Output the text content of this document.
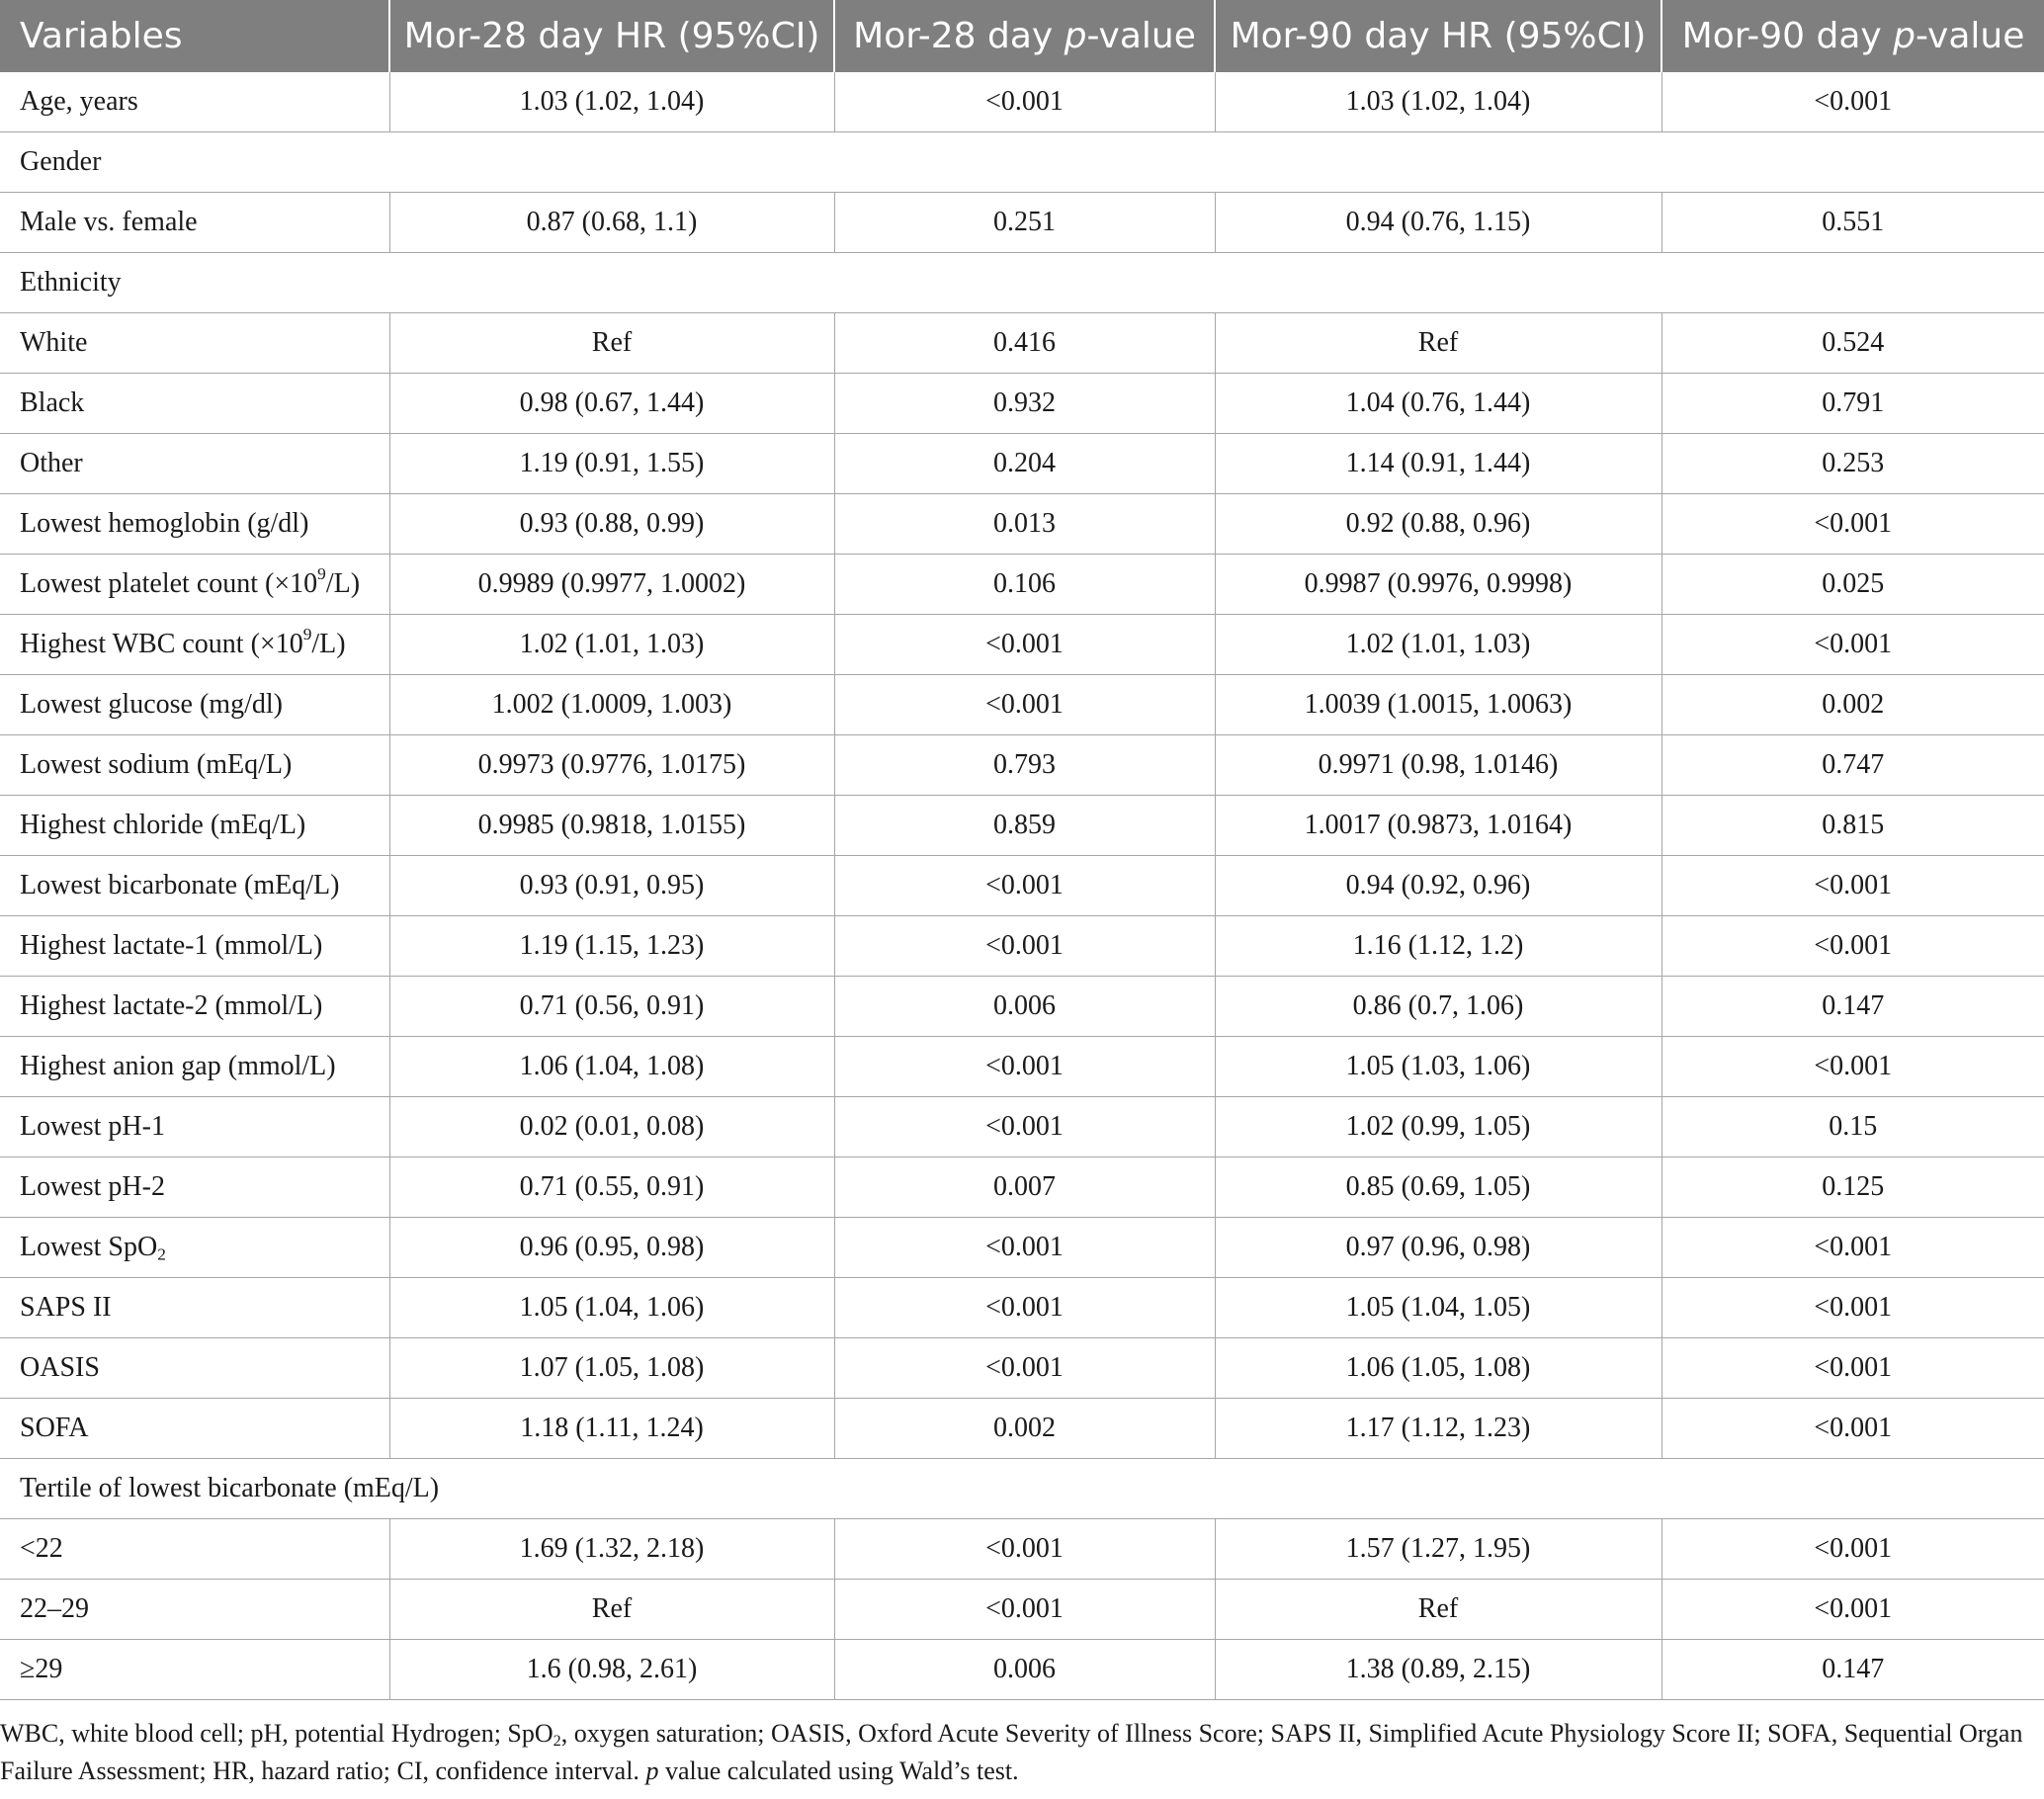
Variables	Mor-28 day HR (95%CI)	Mor-28 day p-value	Mor-90 day HR (95%CI)	Mor-90 day p-value
Age, years	1.03 (1.02, 1.04)	<0.001	1.03 (1.02, 1.04)	<0.001
Gender				
Male vs. female	0.87 (0.68, 1.1)	0.251	0.94 (0.76, 1.15)	0.551
Ethnicity				
White	Ref	0.416	Ref	0.524
Black	0.98 (0.67, 1.44)	0.932	1.04 (0.76, 1.44)	0.791
Other	1.19 (0.91, 1.55)	0.204	1.14 (0.91, 1.44)	0.253
Lowest hemoglobin (g/dl)	0.93 (0.88, 0.99)	0.013	0.92 (0.88, 0.96)	<0.001
Lowest platelet count $(\times 10^9/L)$	0.9989 (0.9977, 1.0002)	0.106	0.9987 (0.9976, 0.9998)	0.025
Highest WBC count $(\times 10^9/L)$	1.02 (1.01, 1.03)	<0.001	1.02 (1.01, 1.03)	<0.001
Lowest glucose (mg/dl)	1.002 (1.0009, 1.003)	<0.001	1.0039 (1.0015, 1.0063)	0.002
Lowest sodium (mEq/L)	0.9973 (0.9776, 1.0175)	0.793	0.9971 (0.98, 1.0146)	0.747
Highest chloride (mEq/L)	0.9985 (0.9818, 1.0155)	0.859	1.0017 (0.9873, 1.0164)	0.815
Lowest bicarbonate (mEq/L)	0.93 (0.91, 0.95)	<0.001	0.94 (0.92, 0.96)	<0.001
Highest lactate-1 (mmol/L)	1.19 (1.15, 1.23)	<0.001	1.16 (1.12, 1.2)	<0.001
Highest lactate-2 (mmol/L)	0.71 (0.56, 0.91)	0.006	0.86 (0.7, 1.06)	0.147
Highest anion gap (mmol/L)	1.06 (1.04, 1.08)	<0.001	1.05 (1.03, 1.06)	<0.001
Lowest pH-1	0.02 (0.01, 0.08)	<0.001	1.02 (0.99, 1.05)	0.15
Lowest pH-2	0.71 (0.55, 0.91)	0.007	0.85 (0.69, 1.05)	0.125
Lowest SpO$_2$	0.96 (0.95, 0.98)	<0.001	0.97 (0.96, 0.98)	<0.001
SAPS II	1.05 (1.04, 1.06)	<0.001	1.05 (1.04, 1.05)	<0.001
OASIS	1.07 (1.05, 1.08)	<0.001	1.06 (1.05, 1.08)	<0.001
SOFA	1.18 (1.11, 1.24)	0.002	1.17 (1.12, 1.23)	<0.001
Tertile of lowest bicarbonate (mEq/L)				
<22	1.69 (1.32, 2.18)	<0.001	1.57 (1.27, 1.95)	<0.001
22–29	Ref	<0.001	Ref	<0.001
≥29	1.6 (0.98, 2.61)	0.006	1.38 (0.89, 2.15)	0.147

WBC, white blood cell; pH, potential Hydrogen; SpO$_2$, oxygen saturation; OASIS, Oxford Acute Severity of Illness Score; SAPS II, Simplified Acute Physiology Score II; SOFA, Sequential Organ Failure Assessment; HR, hazard ratio; CI, confidence interval. p value calculated using Wald’s test.
